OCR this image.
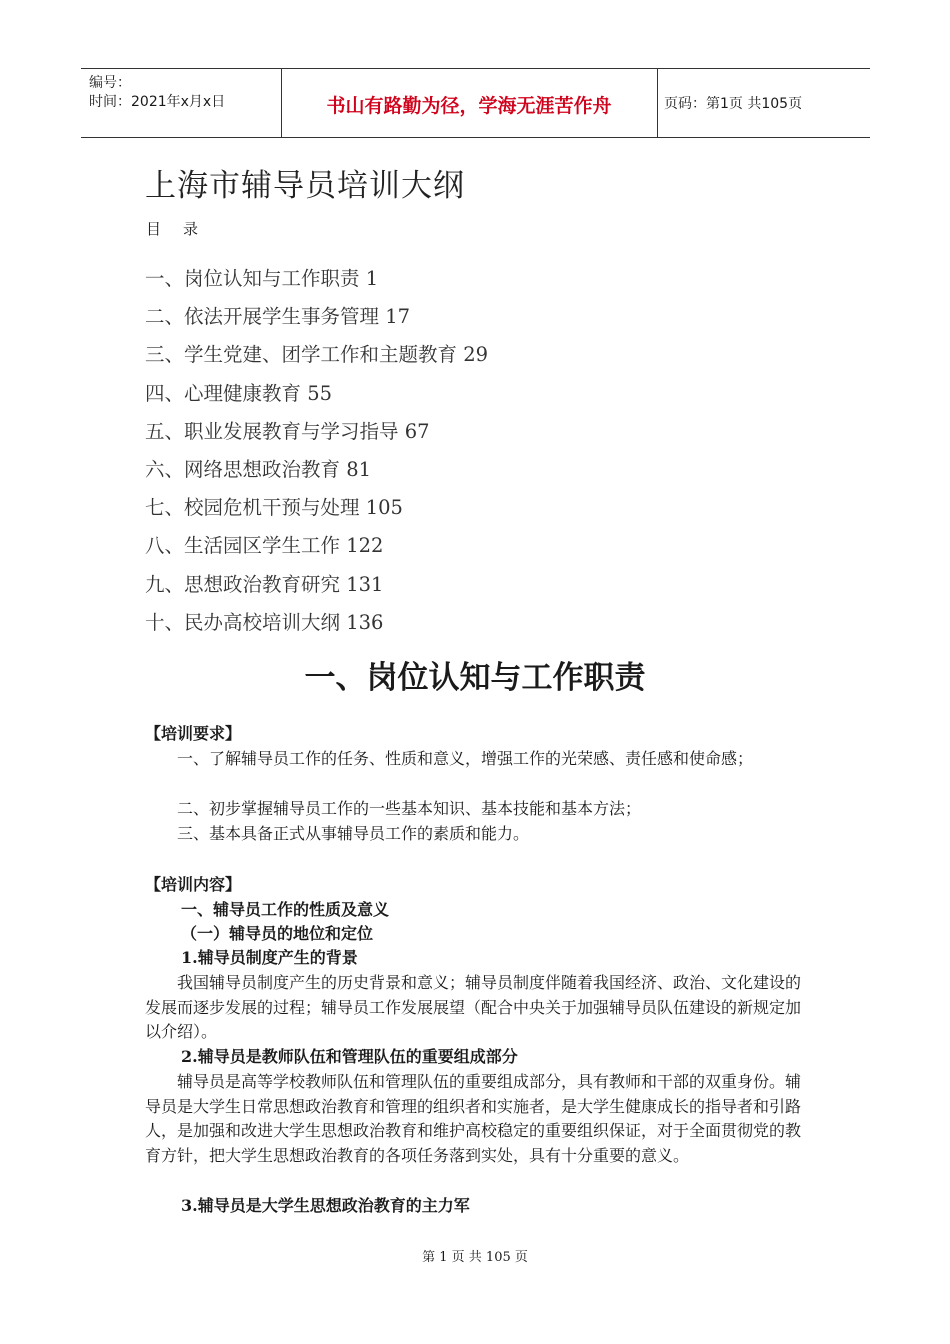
编号：
时间：2021年x月x日	书山有路勤为径，学海无涯苦作舟	页码：第1页 共105页
上海市辅导员培训大纲
目录
一、岗位认知与工作职责 1
二、依法开展学生事务管理 17
三、学生党建、团学工作和主题教育 29
四、心理健康教育 55
五、职业发展教育与学习指导 67
六、网络思想政治教育 81
七、校园危机干预与处理 105
八、生活园区学生工作 122
九、思想政治教育研究 131
十、民办高校培训大纲 136
一、岗位认知与工作职责
【培训要求】
一、了解辅导员工作的任务、性质和意义，增强工作的光荣感、责任感和使命感；
二、初步掌握辅导员工作的一些基本知识、基本技能和基本方法；
三、基本具备正式从事辅导员工作的素质和能力。
【培训内容】
一、辅导员工作的性质及意义
（一）辅导员的地位和定位
1.辅导员制度产生的背景
我国辅导员制度产生的历史背景和意义；辅导员制度伴随着我国经济、政治、文化建设的发展而逐步发展的过程；辅导员工作发展展望（配合中央关于加强辅导员队伍建设的新规定加以介绍）。
2.辅导员是教师队伍和管理队伍的重要组成部分
辅导员是高等学校教师队伍和管理队伍的重要组成部分，具有教师和干部的双重身份。辅导员是大学生日常思想政治教育和管理的组织者和实施者，是大学生健康成长的指导者和引路人，是加强和改进大学生思想政治教育和维护高校稳定的重要组织保证，对于全面贯彻党的教育方针，把大学生思想政治教育的各项任务落到实处，具有十分重要的意义。
3.辅导员是大学生思想政治教育的主力军
第 1 页 共 105 页
